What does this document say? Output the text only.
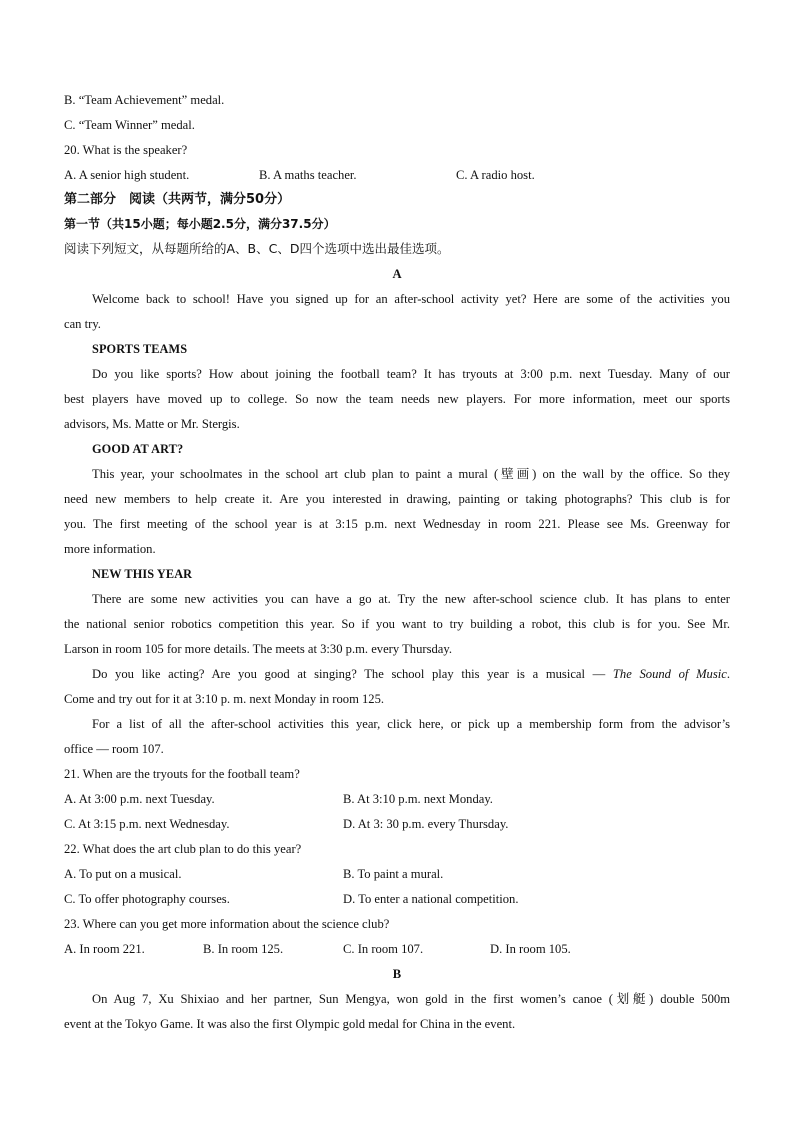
B. “Team Achievement” medal.
C. “Team Winner” medal.
20. What is the speaker?
A. A senior high student.	B. A maths teacher.	C. A radio host.
第二部分　阅读（共两节，满分50分）
第一节（共15小题；每小题2.5分，满分37.5分）
阅读下列短文，从每题所给的A、B、C、D四个选项中选出最佳选项。
A
Welcome back to school! Have you signed up for an after-school activity yet? Here are some of the activities you
can try.
SPORTS TEAMS
Do you like sports? How about joining the football team? It has tryouts at 3:00 p.m. next Tuesday. Many of our
best players have moved up to college. So now the team needs new players. For more information, meet our sports
advisors, Ms. Matte or Mr. Stergis.
GOOD AT ART?
This year, your schoolmates in the school art club plan to paint a mural (壁画) on the wall by the office. So they
need new members to help create it. Are you interested in drawing, painting or taking photographs? This club is for
you. The first meeting of the school year is at 3:15 p.m. next Wednesday in room 221. Please see Ms. Greenway for
more information.
NEW THIS YEAR
There are some new activities you can have a go at. Try the new after-school science club. It has plans to enter
the national senior robotics competition this year. So if you want to try building a robot, this club is for you. See Mr.
Larson in room 105 for more details. The meets at 3:30 p.m. every Thursday.
Do you like acting? Are you good at singing? The school play this year is a musical — The Sound of Music.
Come and try out for it at 3:10 p. m. next Monday in room 125.
For a list of all the after-school activities this year, click here, or pick up a membership form from the advisor’s
office — room 107.
21. When are the tryouts for the football team?
A. At 3:00 p.m. next Tuesday.	B. At 3:10 p.m. next Monday.
C. At 3:15 p.m. next Wednesday.	D. At 3: 30 p.m. every Thursday.
22. What does the art club plan to do this year?
A. To put on a musical.	B. To paint a mural.
C. To offer photography courses.	D. To enter a national competition.
23. Where can you get more information about the science club?
A. In room 221.	B. In room 125.	C. In room 107.	D. In room 105.
B
On Aug 7, Xu Shixiao and her partner, Sun Mengya, won gold in the first women’s canoe (划艇) double 500m
event at the Tokyo Game. It was also the first Olympic gold medal for China in the event.
